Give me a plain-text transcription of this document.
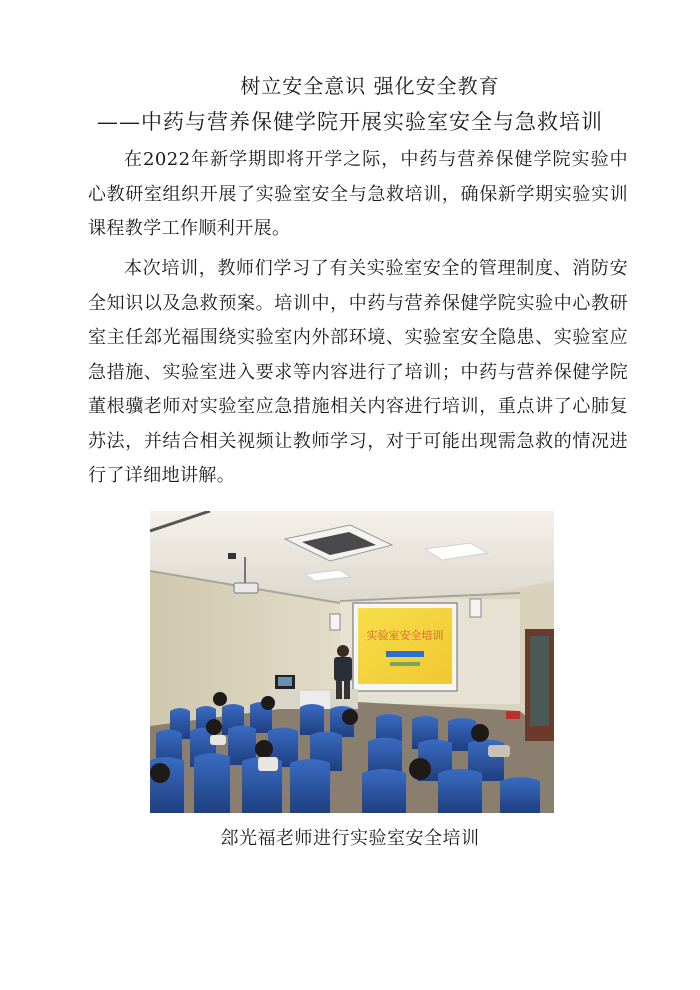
树立安全意识 强化安全教育
——中药与营养保健学院开展实验室安全与急救培训
在2022年新学期即将开学之际，中药与营养保健学院实验中心教研室组织开展了实验室安全与急救培训，确保新学期实验实训课程教学工作顺利开展。
本次培训，教师们学习了有关实验室安全的管理制度、消防安全知识以及急救预案。培训中，中药与营养保健学院实验中心教研室主任郐光福围绕实验室内外部环境、实验室安全隐患、实验室应急措施、实验室进入要求等内容进行了培训；中药与营养保健学院董根骥老师对实验室应急措施相关内容进行培训，重点讲了心肺复苏法，并结合相关视频让教师学习，对于可能出现需急救的情况进行了详细地讲解。
实验室安全培训
郐光福老师进行实验室安全培训
